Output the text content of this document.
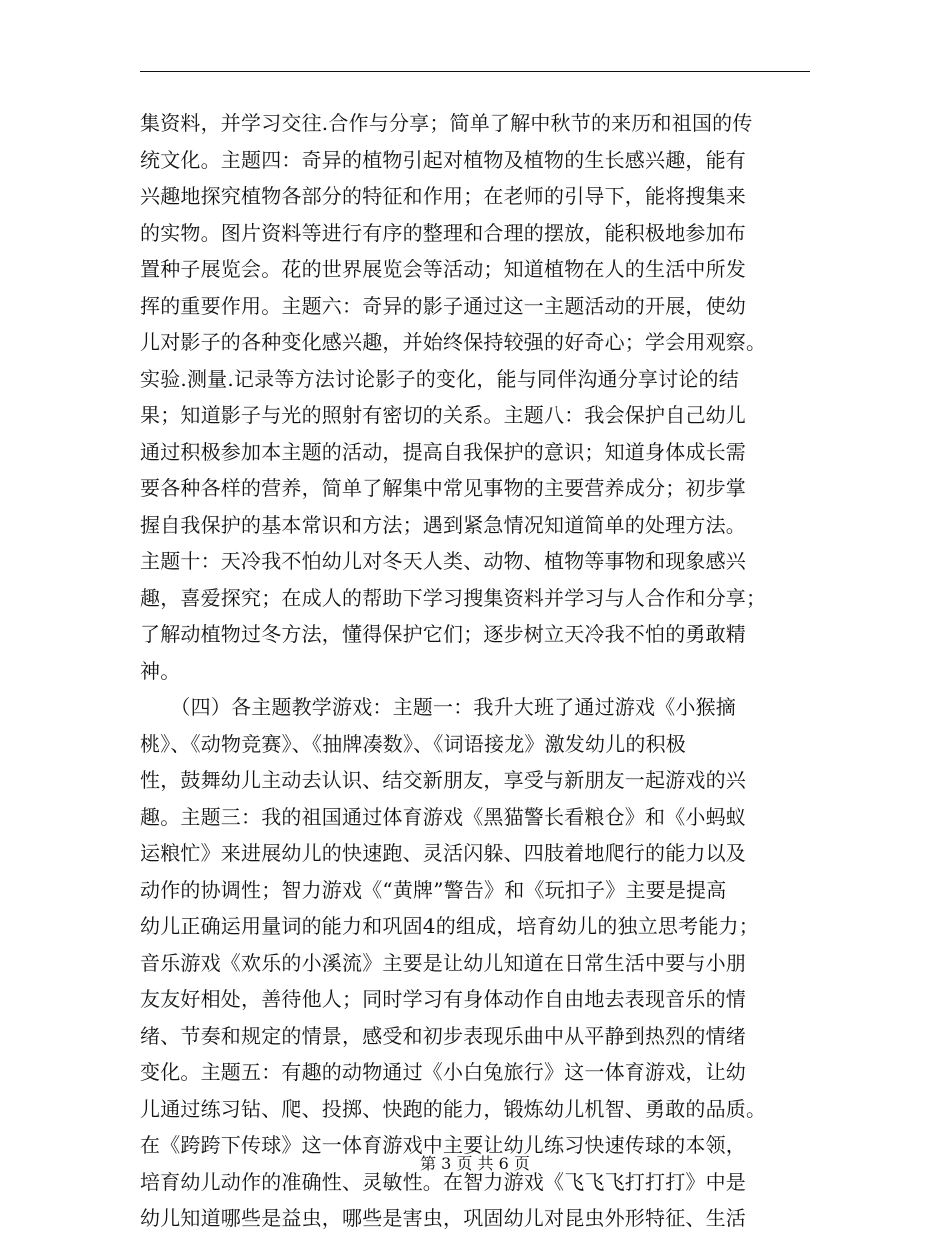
集资料，并学习交往.合作与分享；简单了解中秋节的来历和祖国的传
统文化。主题四：奇异的植物引起对植物及植物的生长感兴趣，能有
兴趣地探究植物各部分的特征和作用；在老师的引导下，能将搜集来
的实物。图片资料等进行有序的整理和合理的摆放，能积极地参加布
置种子展览会。花的世界展览会等活动；知道植物在人的生活中所发
挥的重要作用。主题六：奇异的影子通过这一主题活动的开展，使幼
儿对影子的各种变化感兴趣，并始终保持较强的好奇心；学会用观察。
实验.测量.记录等方法讨论影子的变化，能与同伴沟通分享讨论的结
果；知道影子与光的照射有密切的关系。主题八：我会保护自己幼儿
通过积极参加本主题的活动，提高自我保护的意识；知道身体成长需
要各种各样的营养，简单了解集中常见事物的主要营养成分；初步掌
握自我保护的基本常识和方法；遇到紧急情况知道简单的处理方法。
主题十：天冷我不怕幼儿对冬天人类、动物、植物等事物和现象感兴
趣，喜爱探究；在成人的帮助下学习搜集资料并学习与人合作和分享；
了解动植物过冬方法，懂得保护它们；逐步树立天冷我不怕的勇敢精
神。
　　（四）各主题教学游戏：主题一：我升大班了通过游戏《小猴摘
桃》、《动物竞赛》、《抽牌凑数》、《词语接龙》激发幼儿的积极
性，鼓舞幼儿主动去认识、结交新朋友，享受与新朋友一起游戏的兴
趣。主题三：我的祖国通过体育游戏《黑猫警长看粮仓》和《小蚂蚁
运粮忙》来进展幼儿的快速跑、灵活闪躲、四肢着地爬行的能力以及
动作的协调性；智力游戏《“黄牌”警告》和《玩扣子》主要是提高
幼儿正确运用量词的能力和巩固4的组成，培育幼儿的独立思考能力；
音乐游戏《欢乐的小溪流》主要是让幼儿知道在日常生活中要与小朋
友友好相处，善待他人；同时学习有身体动作自由地去表现音乐的情
绪、节奏和规定的情景，感受和初步表现乐曲中从平静到热烈的情绪
变化。主题五：有趣的动物通过《小白兔旅行》这一体育游戏，让幼
儿通过练习钻、爬、投掷、快跑的能力，锻炼幼儿机智、勇敢的品质。
在《跨跨下传球》这一体育游戏中主要让幼儿练习快速传球的本领，
培育幼儿动作的准确性、灵敏性。在智力游戏《飞飞飞打打打》中是
幼儿知道哪些是益虫，哪些是害虫，巩固幼儿对昆虫外形特征、生活
第 3 页 共 6 页
